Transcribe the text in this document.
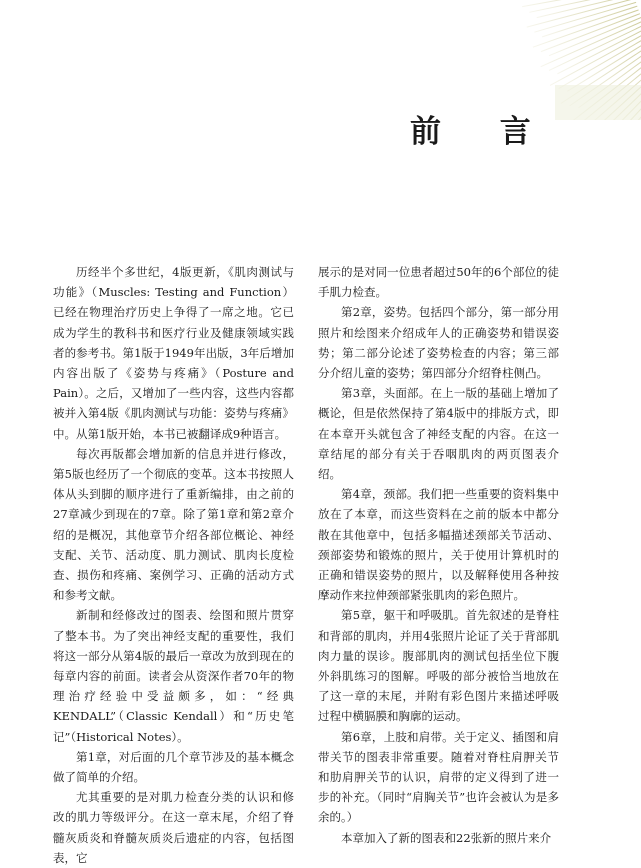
前 言

历经半个多世纪，4版更新，《肌肉测试与功能》（Muscles: Testing and Function）已经在物理治疗历史上争得了一席之地。它已成为学生的教科书和医疗行业及健康领域实践者的参考书。第1版于1949年出版，3年后增加内容出版了《姿势与疼痛》（Posture and Pain）。之后，又增加了一些内容，这些内容都被并入第4版《肌肉测试与功能：姿势与疼痛》中。从第1版开始，本书已被翻译成9种语言。

每次再版都会增加新的信息并进行修改，第5版也经历了一个彻底的变革。这本书按照人体从头到脚的顺序进行了重新编排，由之前的27章减少到现在的7章。除了第1章和第2章介绍的是概况，其他章节介绍各部位概论、神经支配、关节、活动度、肌力测试、肌肉长度检查、损伤和疼痛、案例学习、正确的活动方式和参考文献。

新制和经修改过的图表、绘图和照片贯穿了整本书。为了突出神经支配的重要性，我们将这一部分从第4版的最后一章改为放到现在的每章内容的前面。读者会从资深作者70年的物理治疗经验中受益颇多，如：“经典KENDALL”（Classic Kendall）和“历史笔记”（Historical Notes）。

第1章，对后面的几个章节涉及的基本概念做了简单的介绍。

尤其重要的是对肌力检查分类的认识和修改的肌力等级评分。在这一章末尾，介绍了脊髓灰质炎和脊髓灰质炎后遗症的内容，包括图表，它

展示的是对同一位患者超过50年的6个部位的徒手肌力检查。

第2章，姿势。包括四个部分，第一部分用照片和绘图来介绍成年人的正确姿势和错误姿势；第二部分论述了姿势检查的内容；第三部分介绍儿童的姿势；第四部分介绍脊柱侧凸。

第3章，头面部。在上一版的基础上增加了概论，但是依然保持了第4版中的排版方式，即在本章开头就包含了神经支配的内容。在这一章结尾的部分有关于吞咽肌肉的两页图表介绍。

第4章，颈部。我们把一些重要的资料集中放在了本章，而这些资料在之前的版本中都分散在其他章中，包括多幅描述颈部关节活动、颈部姿势和锻炼的照片，关于使用计算机时的正确和错误姿势的照片，以及解释使用各种按摩动作来拉伸颈部紧张肌肉的彩色照片。

第5章，躯干和呼吸肌。首先叙述的是脊柱和背部的肌肉，并用4张照片论证了关于背部肌肉力量的误诊。腹部肌肉的测试包括坐位下腹外斜肌练习的图解。呼吸的部分被恰当地放在了这一章的末尾，并附有彩色图片来描述呼吸过程中横膈膜和胸廓的运动。

第6章，上肢和肩带。关于定义、插图和肩带关节的图表非常重要。随着对脊柱肩胛关节和肋肩胛关节的认识，肩带的定义得到了进一步的补充。（同时“肩胸关节”也许会被认为是多余的。）

本章加入了新的图表和22张新的照片来介
